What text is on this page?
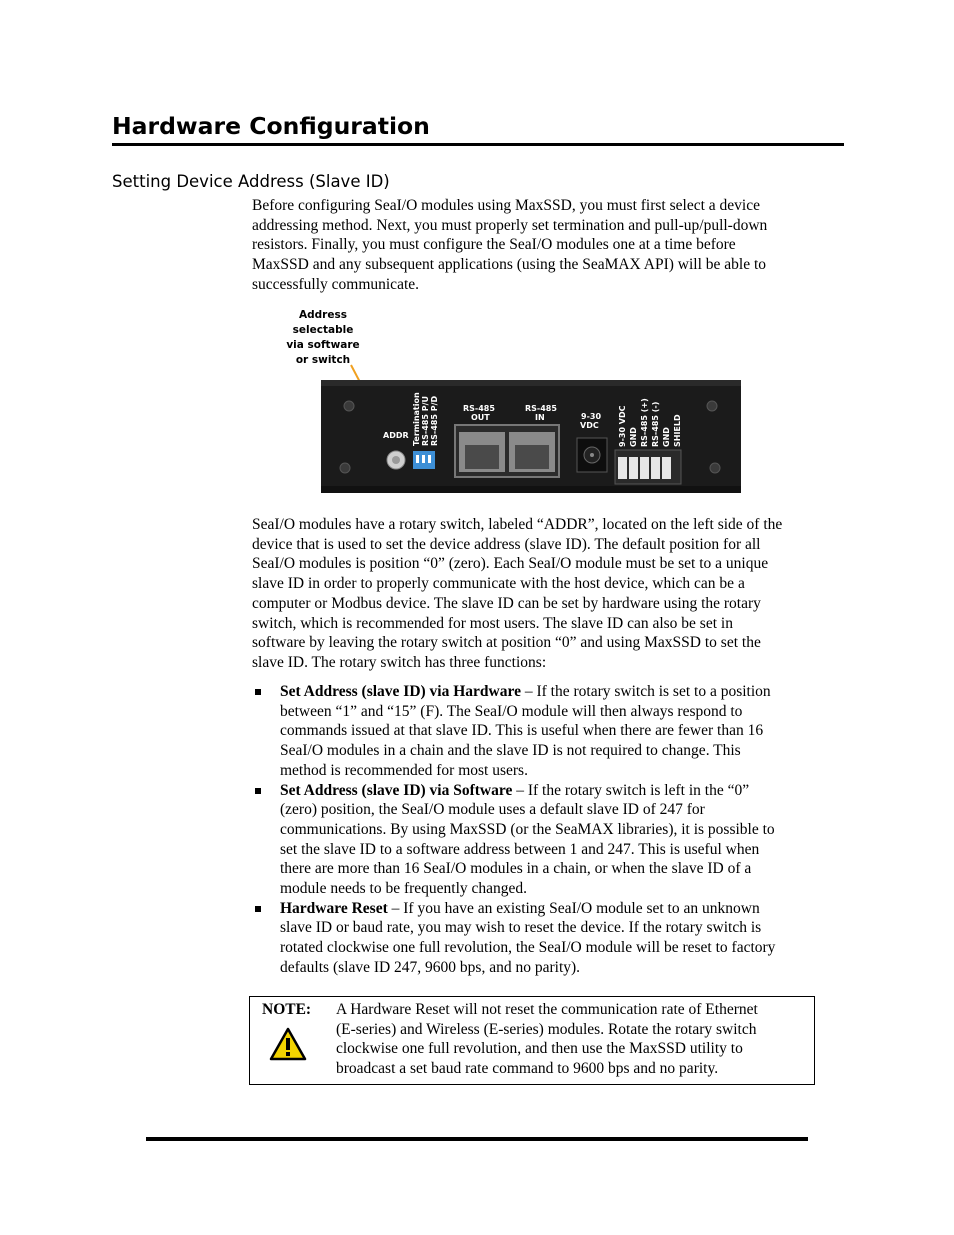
Hardware Configuration
Setting Device Address (Slave ID)
Before configuring SeaI/O modules using MaxSSD, you must first select a device
addressing method. Next, you must properly set termination and pull-up/pull-down
resistors. Finally, you must configure the SeaI/O modules one at a time before
MaxSSD and any subsequent applications (using the SeaMAX API) will be able to
successfully communicate.
ADDR Termination RS-485 P/U RS-485 P/D	RS-485
OUT
RS-485
IN	9-30
VDC 9-30 VDC GND RS-485 (+) RS-485 (-) GND SHIELD
Address
selectable
via software
or switch
SeaI/O modules have a rotary switch, labeled “ADDR”, located on the left side of the
device that is used to set the device address (slave ID). The default position for all
SeaI/O modules is position “0” (zero). Each SeaI/O module must be set to a unique
slave ID in order to properly communicate with the host device, which can be a
computer or Modbus device. The slave ID can be set by hardware using the rotary
switch, which is recommended for most users. The slave ID can also be set in
software by leaving the rotary switch at position “0” and using MaxSSD to set the
slave ID. The rotary switch has three functions:
Set Address (slave ID) via Hardware – If the rotary switch is set to a position
between “1” and “15” (F). The SeaI/O module will then always respond to
commands issued at that slave ID. This is useful when there are fewer than 16
SeaI/O modules in a chain and the slave ID is not required to change. This
method is recommended for most users.
Set Address (slave ID) via Software – If the rotary switch is left in the “0”
(zero) position, the SeaI/O module uses a default slave ID of 247 for
communications. By using MaxSSD (or the SeaMAX libraries), it is possible to
set the slave ID to a software address between 1 and 247. This is useful when
there are more than 16 SeaI/O modules in a chain, or when the slave ID of a
module needs to be frequently changed.
Hardware Reset – If you have an existing SeaI/O module set to an unknown
slave ID or baud rate, you may wish to reset the device. If the rotary switch is
rotated clockwise one full revolution, the SeaI/O module will be reset to factory
defaults (slave ID 247, 9600 bps, and no parity).
NOTE: A Hardware Reset will not reset the communication rate of Ethernet
(E-series) and Wireless (E-series) modules. Rotate the rotary switch
clockwise one full revolution, and then use the MaxSSD utility to
broadcast a set baud rate command to 9600 bps and no parity.
